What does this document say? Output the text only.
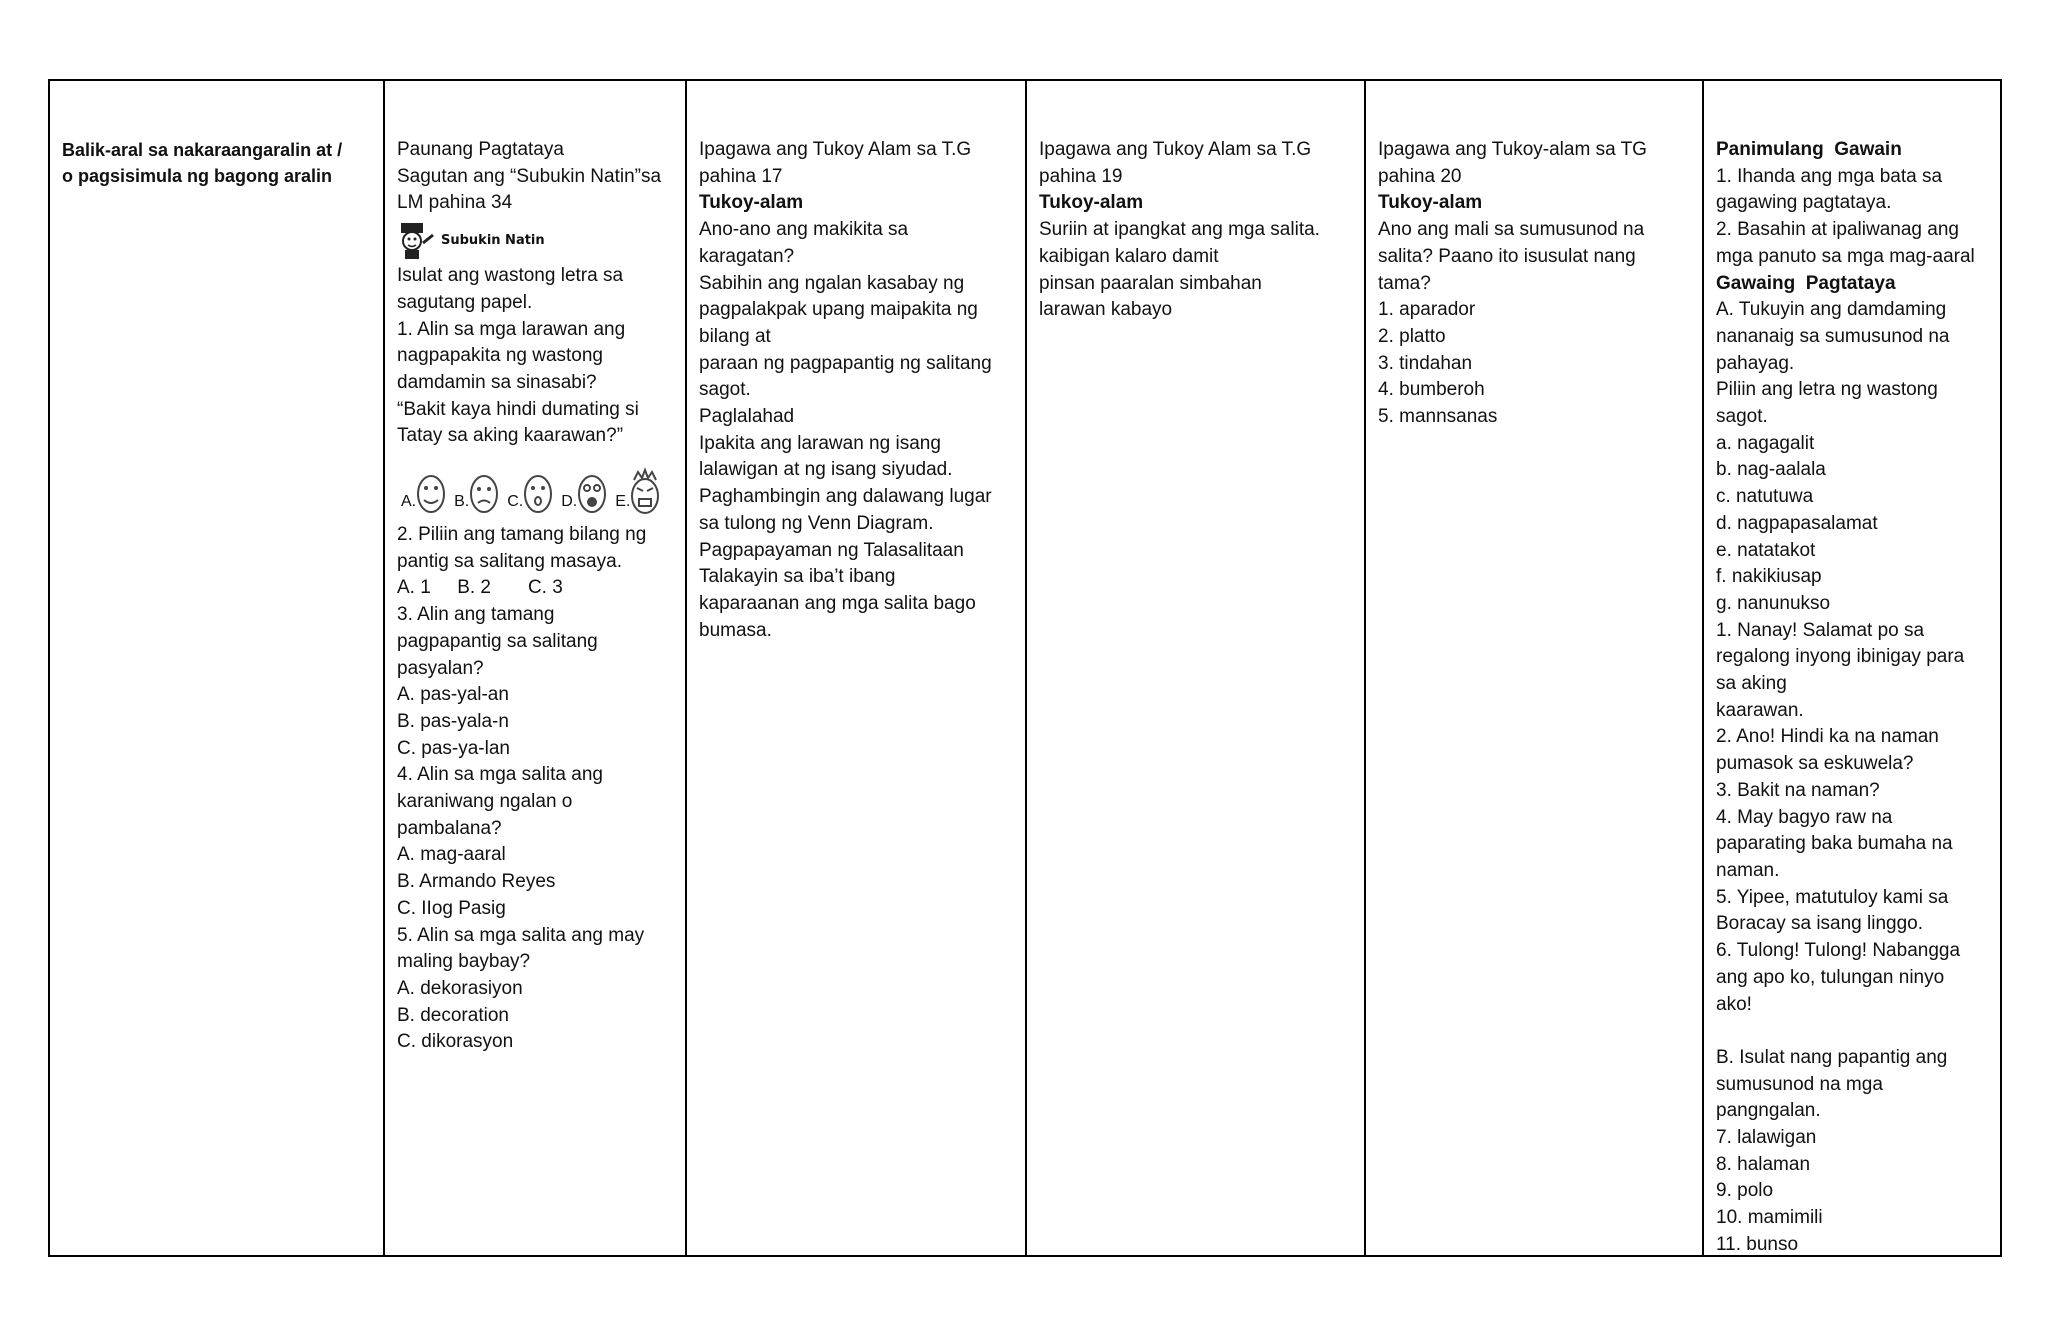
Balik-aral sa nakaraangaralin at /
o pagsisimula ng bagong aralin
Paunang Pagtataya
Sagutan ang “Subukin Natin”sa
LM pahina 34
Subukin Natin
Isulat ang wastong letra sa
sagutang papel.
1. Alin sa mga larawan ang
nagpapakita ng wastong
damdamin sa sinasabi?
“Bakit kaya hindi dumating si
Tatay sa aking kaarawan?”
A. B. C. D. E.
2. Piliin ang tamang bilang ng
pantig sa salitang masaya.
A. 1     B. 2       C. 3
3. Alin ang tamang
pagpapantig sa salitang
pasyalan?
A. pas-yal-an
B. pas-yala-n
C. pas-ya-lan
4. Alin sa mga salita ang
karaniwang ngalan o
pambalana?
A. mag-aaral
B. Armando Reyes
C. IIog Pasig
5. Alin sa mga salita ang may
maling baybay?
A. dekorasiyon
B. decoration
C. dikorasyon
Ipagawa ang Tukoy Alam sa T.G
pahina 17
Tukoy-alam
Ano-ano ang makikita sa
karagatan?
Sabihin ang ngalan kasabay ng
pagpalakpak upang maipakita ng
bilang at
paraan ng pagpapantig ng salitang
sagot.
Paglalahad
Ipakita ang larawan ng isang
lalawigan at ng isang siyudad.
Paghambingin ang dalawang lugar
sa tulong ng Venn Diagram.
Pagpapayaman ng Talasalitaan
Talakayin sa iba’t ibang
kaparaanan ang mga salita bago
bumasa.
Ipagawa ang Tukoy Alam sa T.G
pahina 19
Tukoy-alam
Suriin at ipangkat ang mga salita.
kaibigan kalaro damit
pinsan paaralan simbahan
larawan kabayo
Ipagawa ang Tukoy-alam sa TG
pahina 20
Tukoy-alam
Ano ang mali sa sumusunod na
salita? Paano ito isusulat nang
tama?
1. aparador
2. platto
3. tindahan
4. bumberoh
5. mannsanas
Panimulang  Gawain
1. Ihanda ang mga bata sa
gagawing pagtataya.
2. Basahin at ipaliwanag ang
mga panuto sa mga mag-aaral
Gawaing  Pagtataya
A. Tukuyin ang damdaming
nananaig sa sumusunod na
pahayag.
Piliin ang letra ng wastong
sagot.
a. nagagalit
b. nag-aalala
c. natutuwa
d. nagpapasalamat
e. natatakot
f. nakikiusap
g. nanunukso
1. Nanay! Salamat po sa
regalong inyong ibinigay para
sa aking
kaarawan.
2. Ano! Hindi ka na naman
pumasok sa eskuwela?
3. Bakit na naman?
4. May bagyo raw na
paparating baka bumaha na
naman.
5. Yipee, matutuloy kami sa
Boracay sa isang linggo.
6. Tulong! Tulong! Nabangga
ang apo ko, tulungan ninyo
ako!
B. Isulat nang papantig ang
sumusunod na mga
pangngalan.
7. lalawigan
8. halaman
9. polo
10. mamimili
11. bunso
